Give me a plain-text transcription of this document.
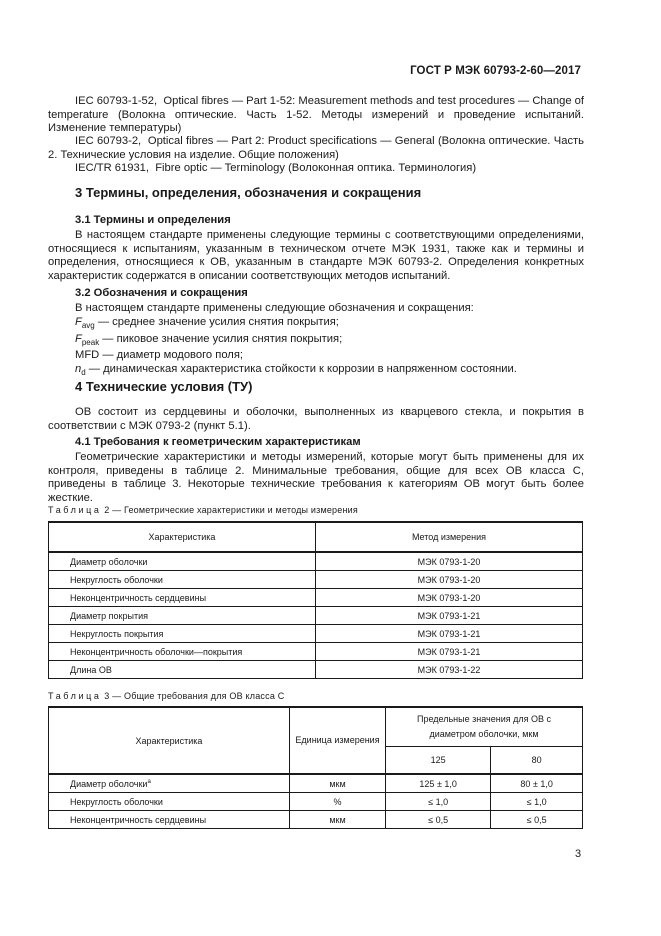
ГОСТ Р МЭК 60793-2-60—2017
IEC 60793-1-52, Optical fibres — Part 1-52: Measurement methods and test procedures — Change of temperature (Волокна оптические. Часть 1-52. Методы измерений и проведение испытаний. Изменение температуры)
IEC 60793-2, Optical fibres — Part 2: Product specifications — General (Волокна оптические. Часть 2. Технические условия на изделие. Общие положения)
IEC/TR 61931, Fibre optic — Terminology (Волоконная оптика. Терминология)
3 Термины, определения, обозначения и сокращения
3.1 Термины и определения
В настоящем стандарте применены следующие термины с соответствующими определениями, относящиеся к испытаниям, указанным в техническом отчете МЭК 1931, также как и термины и определения, относящиеся к ОВ, указанным в стандарте МЭК 60793-2. Определения конкретных характеристик содержатся в описании соответствующих методов испытаний.
3.2 Обозначения и сокращения
В настоящем стандарте применены следующие обозначения и сокращения:
$F_{avg}$ — среднее значение усилия снятия покрытия;
$F_{peak}$ — пиковое значение усилия снятия покрытия;
MFD — диаметр модового поля;
$n_d$ — динамическая характеристика стойкости к коррозии в напряженном состоянии.
4 Технические условия (ТУ)
ОВ состоит из сердцевины и оболочки, выполненных из кварцевого стекла, и покрытия в соответствии с МЭК 0793-2 (пункт 5.1).
4.1 Требования к геометрическим характеристикам
Геометрические характеристики и методы измерений, которые могут быть применены для их контроля, приведены в таблице 2. Минимальные требования, общие для всех ОВ класса С, приведены в таблице 3. Некоторые технические требования к категориям ОВ могут быть более жесткие.
Таблица 2 — Геометрические характеристики и методы измерения
Характеристика	Метод измерения
Диаметр оболочки	МЭК 0793-1-20
Некруглость оболочки	МЭК 0793-1-20
Неконцентричность сердцевины	МЭК 0793-1-20
Диаметр покрытия	МЭК 0793-1-21
Некруглость покрытия	МЭК 0793-1-21
Неконцентричность оболочки—покрытия	МЭК 0793-1-21
Длина ОВ	МЭК 0793-1-22
Таблица 3 — Общие требования для ОВ класса С
Характеристика	Единица измерения	Предельные значения для ОВ с диаметром оболочки, мкм	
		125	80
Диаметр оболочки$^a$	мкм	125 ± 1,0	80 ± 1,0
Некруглость оболочки	%	≤ 1,0	≤ 1,0
Неконцентричность сердцевины	мкм	≤ 0,5	≤ 0,5
3
